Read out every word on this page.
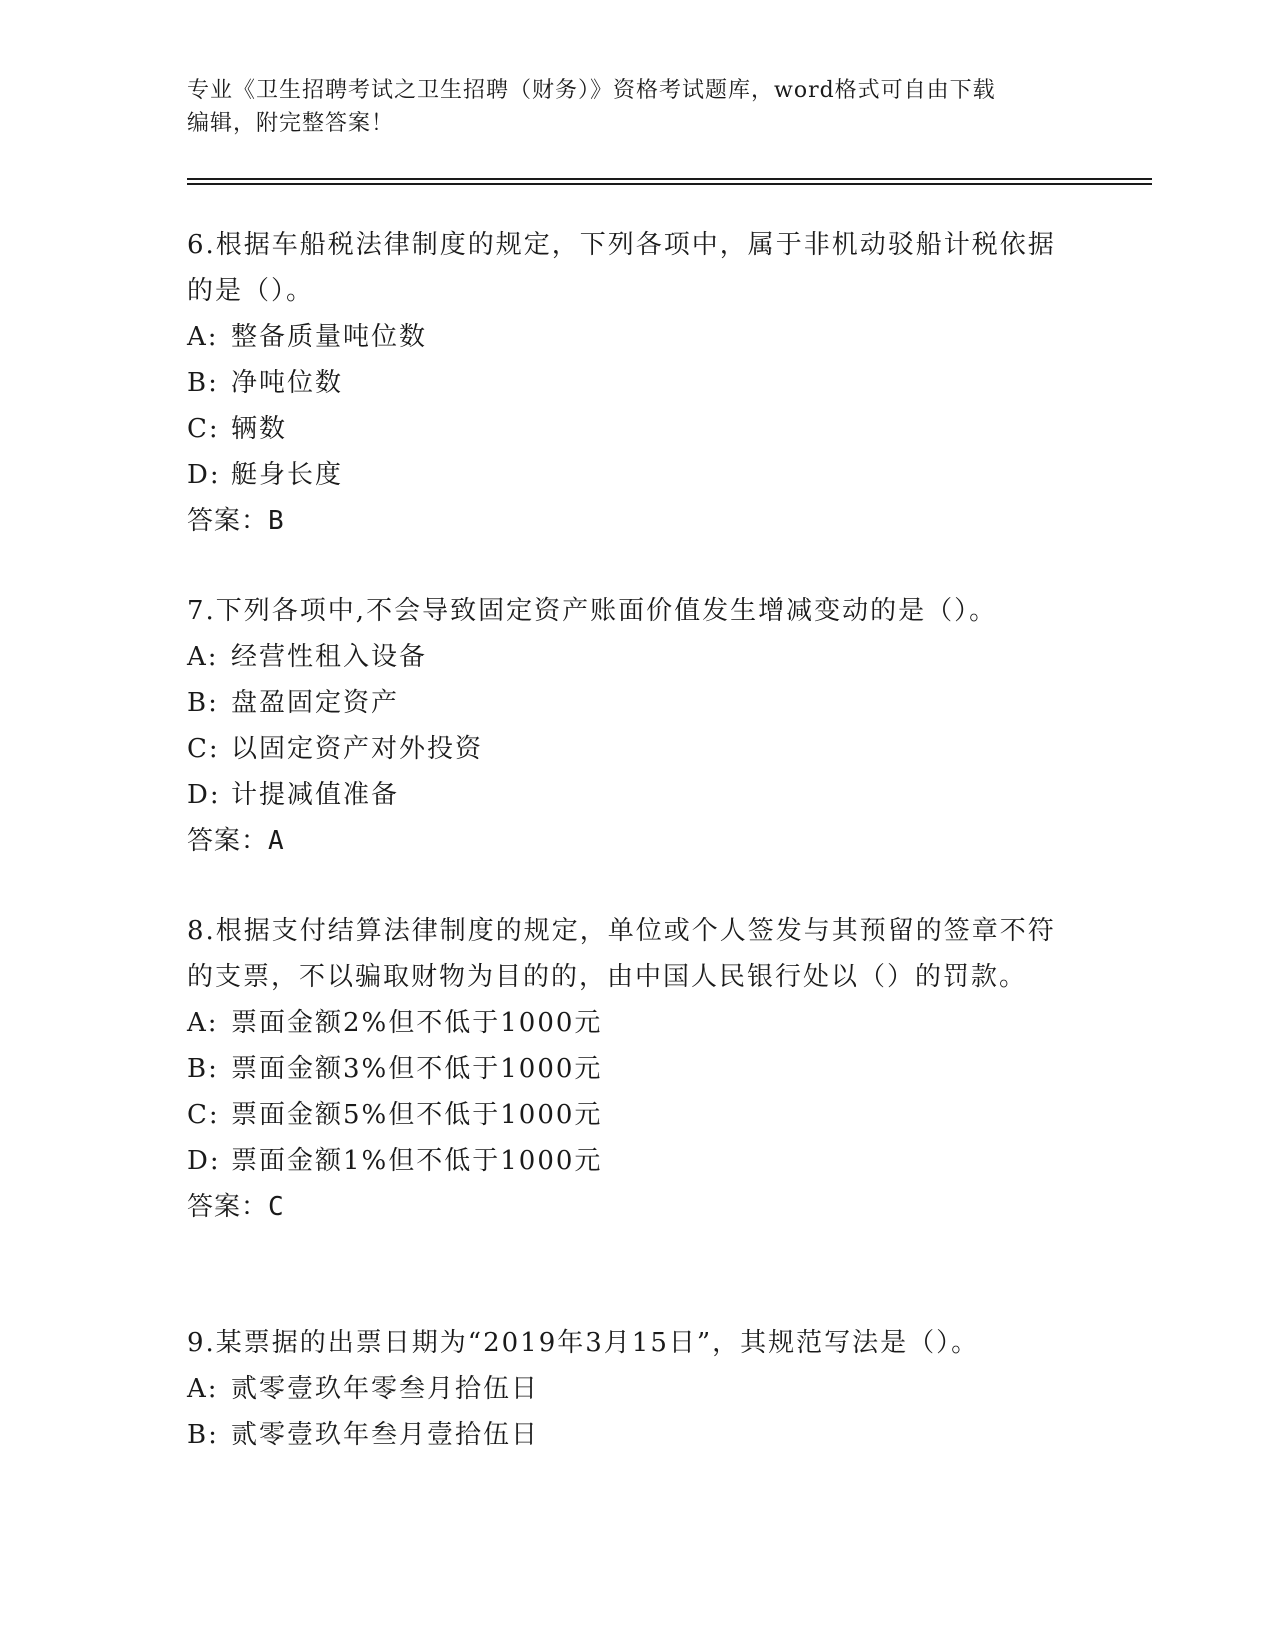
专业《卫生招聘考试之卫生招聘（财务）》资格考试题库，word格式可自由下载
编辑，附完整答案！
6.根据车船税法律制度的规定，下列各项中，属于非机动驳船计税依据的是（）。
A: 整备质量吨位数
B: 净吨位数
C: 辆数
D: 艇身长度
答案：B
7.下列各项中,不会导致固定资产账面价值发生增减变动的是（）。
A: 经营性租入设备
B: 盘盈固定资产
C: 以固定资产对外投资
D: 计提减值准备
答案：A
8.根据支付结算法律制度的规定，单位或个人签发与其预留的签章不符的支票，不以骗取财物为目的的，由中国人民银行处以（）的罚款。
A: 票面金额2%但不低于1000元
B: 票面金额3%但不低于1000元
C: 票面金额5%但不低于1000元
D: 票面金额1%但不低于1000元
答案：C
9.某票据的出票日期为“2019年3月15日”，其规范写法是（）。
A: 贰零壹玖年零叁月拾伍日
B: 贰零壹玖年叁月壹拾伍日
